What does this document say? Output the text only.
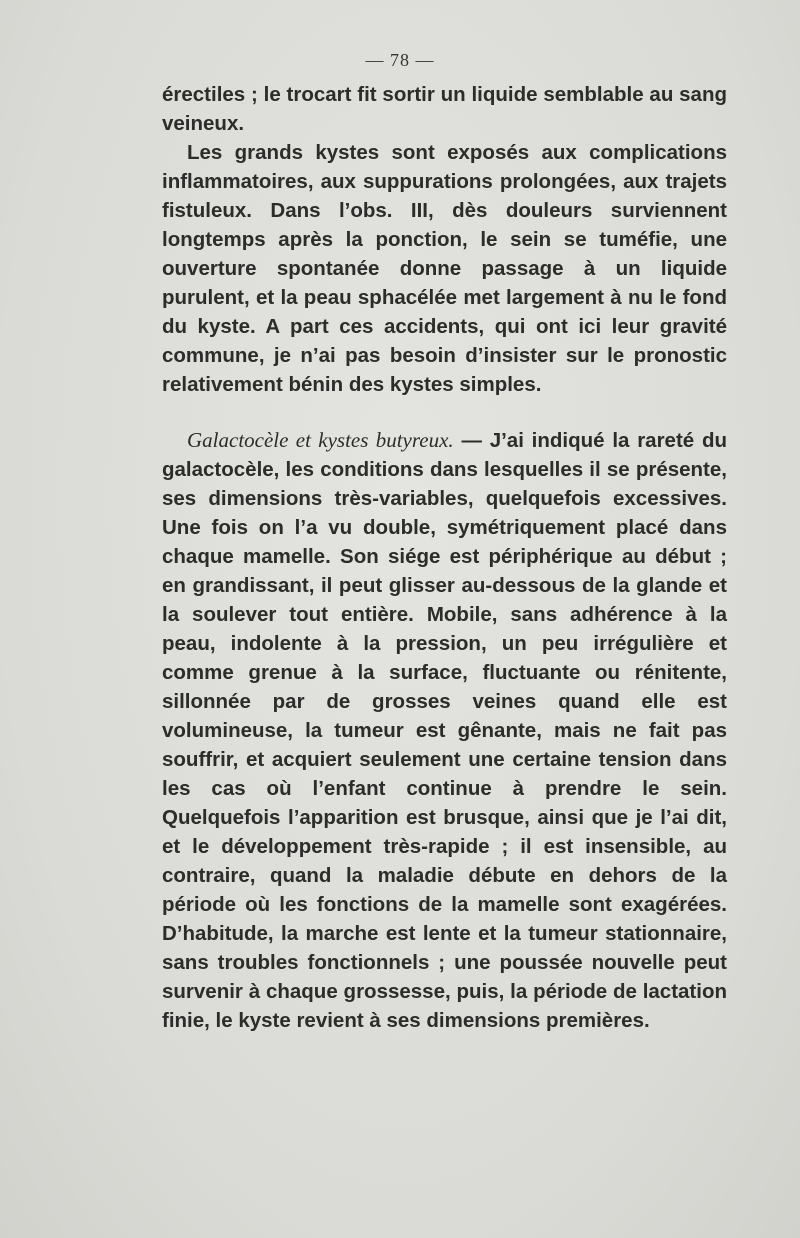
— 78 —

érectiles ; le trocart fit sortir un liquide semblable au sang veineux.

Les grands kystes sont exposés aux complications inflammatoires, aux suppurations prolongées, aux trajets fistuleux. Dans l’obs. III, dès douleurs surviennent longtemps après la ponction, le sein se tuméfie, une ouverture spontanée donne passage à un liquide purulent, et la peau sphacélée met largement à nu le fond du kyste. A part ces accidents, qui ont ici leur gravité commune, je n’ai pas besoin d’insister sur le pronostic relativement bénin des kystes simples.

Galactocèle et kystes butyreux. — J’ai indiqué la rareté du galactocèle, les conditions dans lesquelles il se présente, ses dimensions très-variables, quelquefois excessives. Une fois on l’a vu double, symétriquement placé dans chaque mamelle. Son siége est périphérique au début ; en grandissant, il peut glisser au-dessous de la glande et la soulever tout entière. Mobile, sans adhérence à la peau, indolente à la pression, un peu irrégulière et comme grenue à la surface, fluctuante ou rénitente, sillonnée par de grosses veines quand elle est volumineuse, la tumeur est gênante, mais ne fait pas souffrir, et acquiert seulement une certaine tension dans les cas où l’enfant continue à prendre le sein. Quelquefois l’apparition est brusque, ainsi que je l’ai dit, et le développement très-rapide ; il est insensible, au contraire, quand la maladie débute en dehors de la période où les fonctions de la mamelle sont exagérées. D’habitude, la marche est lente et la tumeur stationnaire, sans troubles fonctionnels ; une poussée nouvelle peut survenir à chaque grossesse, puis, la période de lactation finie, le kyste revient à ses dimensions premières.
